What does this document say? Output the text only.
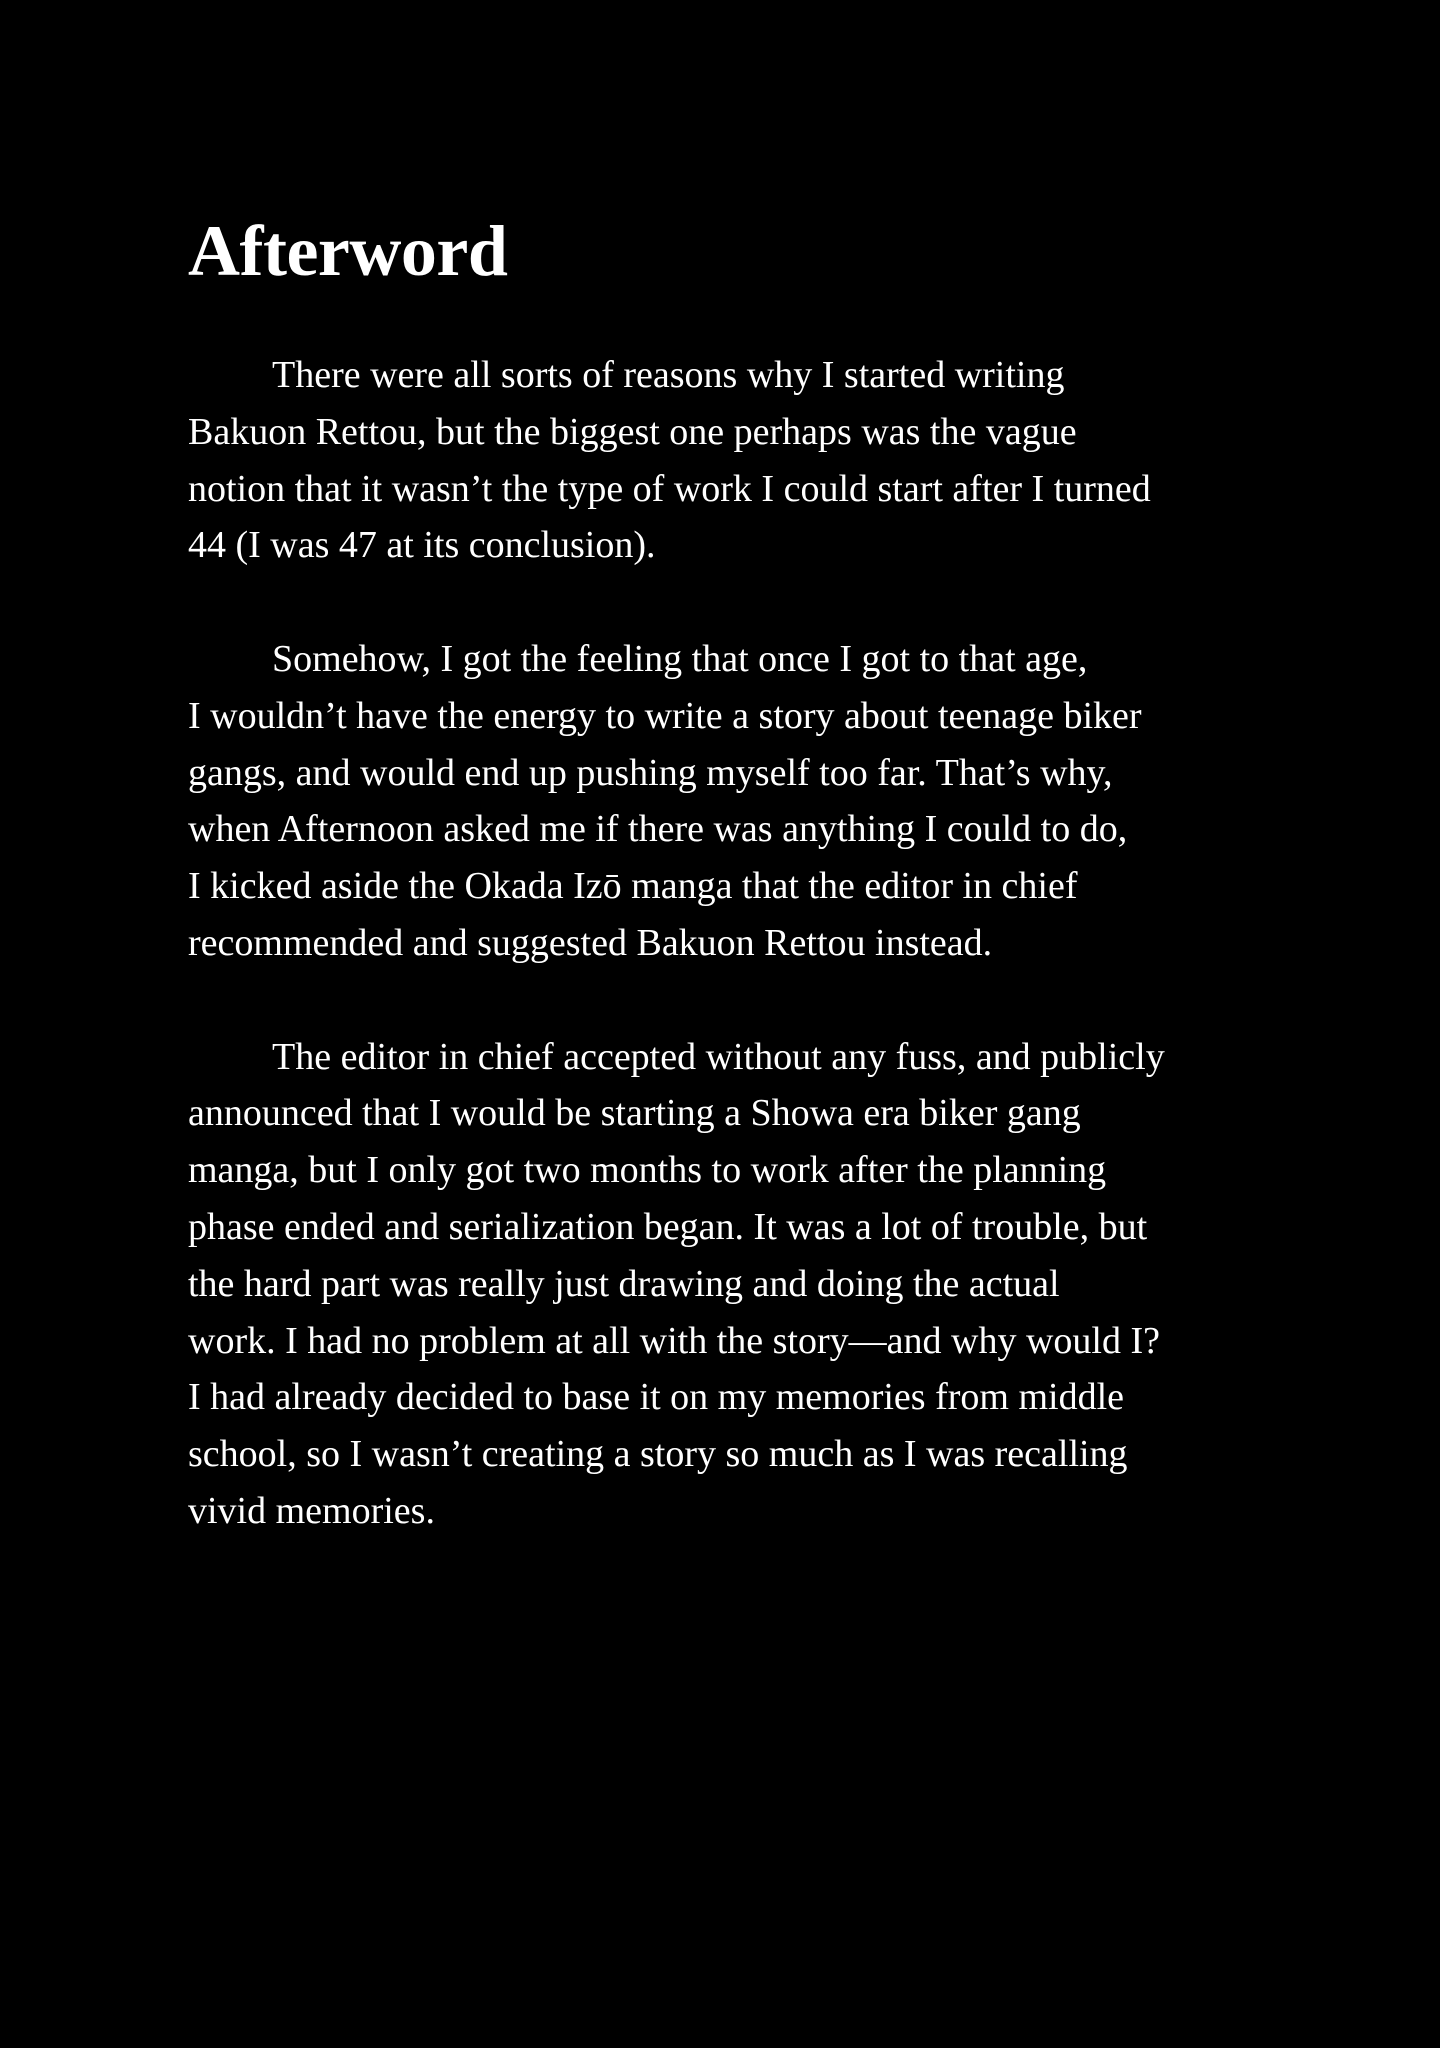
Afterword
There were all sorts of reasons why I started writing
Bakuon Rettou, but the biggest one perhaps was the vague
notion that it wasn’t the type of work I could start after I turned
44 (I was 47 at its conclusion).
Somehow, I got the feeling that once I got to that age,
I wouldn’t have the energy to write a story about teenage biker
gangs, and would end up pushing myself too far. That’s why,
when Afternoon asked me if there was anything I could to do,
I kicked aside the Okada Izō manga that the editor in chief
recommended and suggested Bakuon Rettou instead.
The editor in chief accepted without any fuss, and publicly
announced that I would be starting a Showa era biker gang
manga, but I only got two months to work after the planning
phase ended and serialization began. It was a lot of trouble, but
the hard part was really just drawing and doing the actual
work. I had no problem at all with the story—and why would I?
I had already decided to base it on my memories from middle
school, so I wasn’t creating a story so much as I was recalling
vivid memories.
